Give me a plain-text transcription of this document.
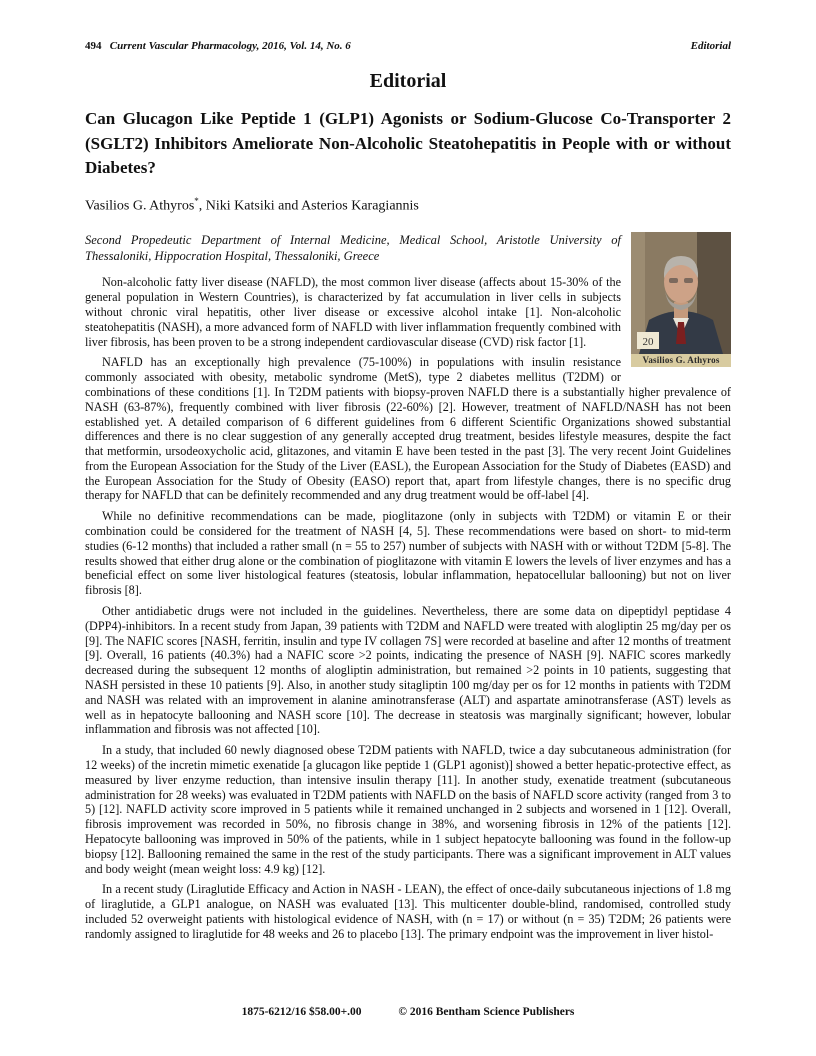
494 Current Vascular Pharmacology, 2016, Vol. 14, No. 6	Editorial
Editorial
Can Glucagon Like Peptide 1 (GLP1) Agonists or Sodium-Glucose Co-Transporter 2 (SGLT2) Inhibitors Ameliorate Non-Alcoholic Steatohepatitis in People with or without Diabetes?
Vasilios G. Athyros*, Niki Katsiki and Asterios Karagiannis
20
Vasilios G. Athyros
Second Propedeutic Department of Internal Medicine, Medical School, Aristotle University of Thessaloniki, Hippocration Hospital, Thessaloniki, Greece

Non-alcoholic fatty liver disease (NAFLD), the most common liver disease (affects about 15-30% of the general population in Western Countries), is characterized by fat accumulation in liver cells in subjects without chronic viral hepatitis, other liver disease or excessive alcohol intake [1]. Non-alcoholic steatohepatitis (NASH), a more advanced form of NAFLD with liver inflammation frequently combined with liver fibrosis, has been proven to be a strong independent cardiovascular disease (CVD) risk factor [1].

NAFLD has an exceptionally high prevalence (75-100%) in populations with insulin resistance commonly associated with obesity, metabolic syndrome (MetS), type 2 diabetes mellitus (T2DM) or combinations of these conditions [1]. In T2DM patients with biopsy-proven NAFLD there is a substantially higher prevalence of NASH (63-87%), frequently combined with liver fibrosis (22-60%) [2]. However, treatment of NAFLD/NASH has not been established yet. A detailed comparison of 6 different guidelines from 6 different Scientific Organizations showed substantial differences and there is no clear suggestion of any generally accepted drug treatment, besides lifestyle measures, despite the fact that metformin, ursodeoxycholic acid, glitazones, and vitamin E have been tested in the past [3]. The very recent Joint Guidelines from the European Association for the Study of the Liver (EASL), the European Association for the Study of Diabetes (EASD) and the European Association for the Study of Obesity (EASO) report that, apart from lifestyle changes, there is no specific drug therapy for NAFLD that can be definitely recommended and any drug treatment would be off-label [4].

While no definitive recommendations can be made, pioglitazone (only in subjects with T2DM) or vitamin E or their combination could be considered for the treatment of NASH [4, 5]. These recommendations were based on short- to mid-term studies (6-12 months) that included a rather small (n = 55 to 257) number of subjects with NASH with or without T2DM [5-8]. The results showed that either drug alone or the combination of pioglitazone with vitamin E lowers the levels of liver enzymes and has a beneficial effect on some liver histological features (steatosis, lobular inflammation, hepatocellular ballooning) but not on liver fibrosis [8].

Other antidiabetic drugs were not included in the guidelines. Nevertheless, there are some data on dipeptidyl peptidase 4 (DPP4)-inhibitors. In a recent study from Japan, 39 patients with T2DM and NAFLD were treated with alogliptin 25 mg/day per os [9]. The NAFIC scores [NASH, ferritin, insulin and type IV collagen 7S] were recorded at baseline and after 12 months of treatment [9]. Overall, 16 patients (40.3%) had a NAFIC score >2 points, indicating the presence of NASH [9]. NAFIC scores markedly decreased during the subsequent 12 months of alogliptin administration, but remained >2 points in 10 patients, suggesting that NASH persisted in these 10 patients [9]. Also, in another study sitagliptin 100 mg/day per os for 12 months in patients with T2DM and NASH was related with an improvement in alanine aminotransferase (ALT) and aspartate aminotransferase (AST) levels as well as in hepatocyte ballooning and NASH score [10]. The decrease in steatosis was marginally significant; however, lobular inflammation and fibrosis was not affected [10].

In a study, that included 60 newly diagnosed obese T2DM patients with NAFLD, twice a day subcutaneous administration (for 12 weeks) of the incretin mimetic exenatide [a glucagon like peptide 1 (GLP1 agonist)] showed a better hepatic-protective effect, as measured by liver enzyme reduction, than intensive insulin therapy [11]. In another study, exenatide treatment (subcutaneous administration for 28 weeks) was evaluated in T2DM patients with NAFLD on the basis of NAFLD score activity (ranged from 3 to 5) [12]. NAFLD activity score improved in 5 patients while it remained unchanged in 2 subjects and worsened in 1 [12]. Overall, fibrosis improvement was recorded in 50%, no fibrosis change in 38%, and worsening fibrosis in 12% of the patients [12]. Hepatocyte ballooning was improved in 50% of the patients, while in 1 subject hepatocyte ballooning was found in the follow-up biopsy [12]. Ballooning remained the same in the rest of the study participants. There was a significant improvement in ALT values and body weight (mean weight loss: 4.9 kg) [12].

In a recent study (Liraglutide Efficacy and Action in NASH - LEAN), the effect of once-daily subcutaneous injections of 1.8 mg of liraglutide, a GLP1 analogue, on NASH was evaluated [13]. This multicenter double-blind, randomised, controlled study included 52 overweight patients with histological evidence of NASH, with (n = 17) or without (n = 35) T2DM; 26 patients were randomly assigned to liraglutide for 48 weeks and 26 to placebo [13]. The primary endpoint was the improvement in liver histol-

1875-6212/16 $58.00+.00	© 2016 Bentham Science Publishers
